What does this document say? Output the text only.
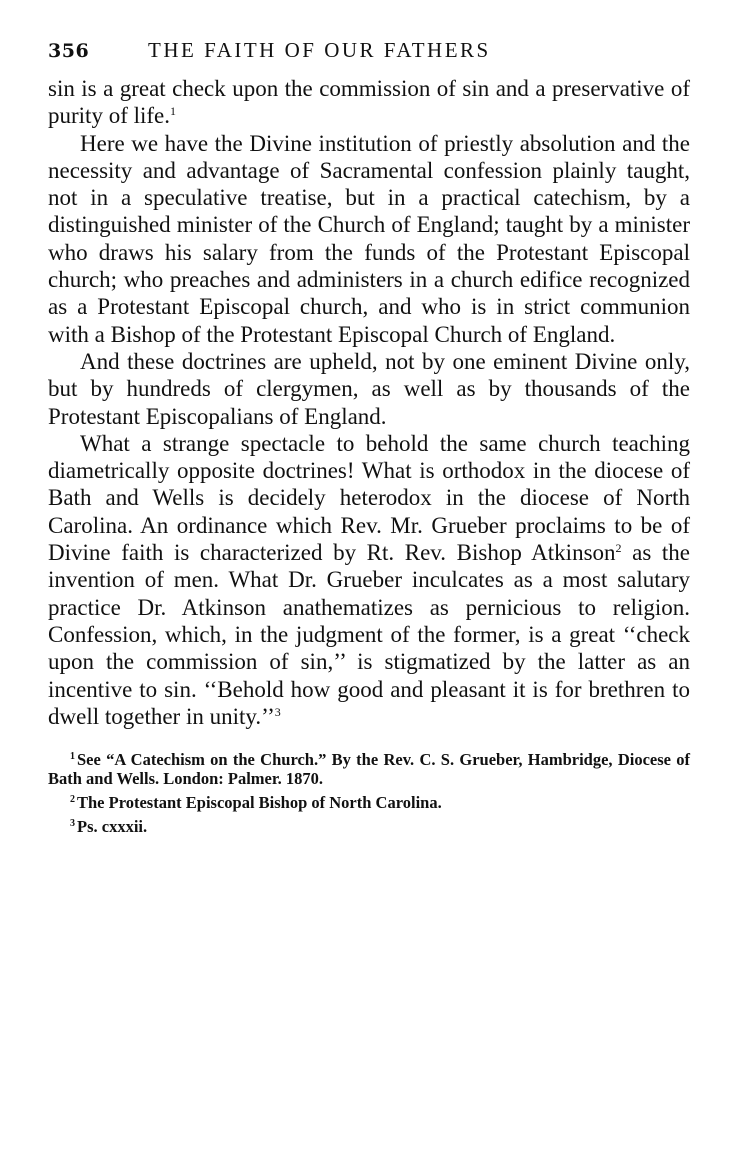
356	THE FAITH OF OUR FATHERS

sin is a great check upon the commission of sin and a preservative of purity of life.$^1$

Here we have the Divine institution of priestly absolution and the necessity and advantage of Sacramental confession plainly taught, not in a speculative treatise, but in a practical catechism, by a distinguished minister of the Church of England; taught by a minister who draws his salary from the funds of the Protestant Episcopal church; who preaches and administers in a church edifice recognized as a Protestant Episcopal church, and who is in strict communion with a Bishop of the Protestant Episcopal Church of England.

And these doctrines are upheld, not by one eminent Divine only, but by hundreds of clergymen, as well as by thousands of the Protestant Episcopalians of England.

What a strange spectacle to behold the same church teaching diametrically opposite doctrines! What is orthodox in the diocese of Bath and Wells is decidely heterodox in the diocese of North Carolina. An ordinance which Rev. Mr. Grueber proclaims to be of Divine faith is characterized by Rt. Rev. Bishop Atkinson$^2$ as the invention of men. What Dr. Grueber inculcates as a most salutary practice Dr. Atkinson anathematizes as pernicious to religion. Confession, which, in the judgment of the former, is a great ‘‘check upon the commission of sin,’’ is stigmatized by the latter as an incentive to sin. ‘‘Behold how good and pleasant it is for brethren to dwell together in unity.’’$^3$

$^1$ See “A Catechism on the Church.” By the Rev. C. S. Grueber, Hambridge, Diocese of Bath and Wells. London: Palmer. 1870.

$^2$ The Protestant Episcopal Bishop of North Carolina.

$^3$ Ps. cxxxii.
